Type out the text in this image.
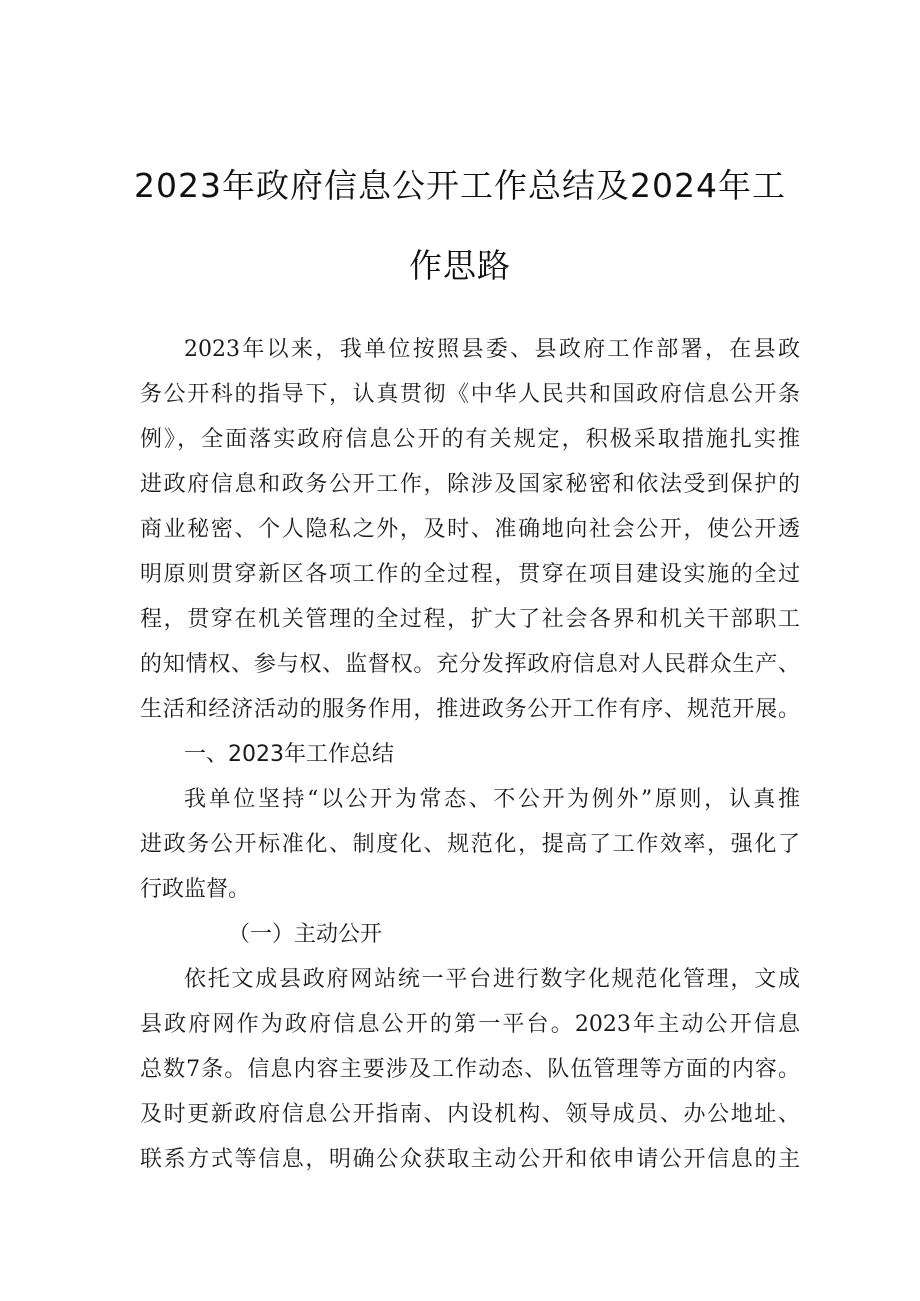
2023年政府信息公开工作总结及2024年工
作思路
2023年以来，我单位按照县委、县政府工作部署，在县政
务公开科的指导下，认真贯彻《中华人民共和国政府信息公开条
例》，全面落实政府信息公开的有关规定，积极采取措施扎实推
进政府信息和政务公开工作，除涉及国家秘密和依法受到保护的
商业秘密、个人隐私之外，及时、准确地向社会公开，使公开透
明原则贯穿新区各项工作的全过程，贯穿在项目建设实施的全过
程，贯穿在机关管理的全过程，扩大了社会各界和机关干部职工
的知情权、参与权、监督权。充分发挥政府信息对人民群众生产、
生活和经济活动的服务作用，推进政务公开工作有序、规范开展。
一、2023年工作总结
我单位坚持“以公开为常态、不公开为例外”原则，认真推
进政务公开标准化、制度化、规范化，提高了工作效率，强化了
行政监督。
（一）主动公开
依托文成县政府网站统一平台进行数字化规范化管理，文成
县政府网作为政府信息公开的第一平台。2023年主动公开信息
总数7条。信息内容主要涉及工作动态、队伍管理等方面的内容。
及时更新政府信息公开指南、内设机构、领导成员、办公地址、
联系方式等信息，明确公众获取主动公开和依申请公开信息的主
